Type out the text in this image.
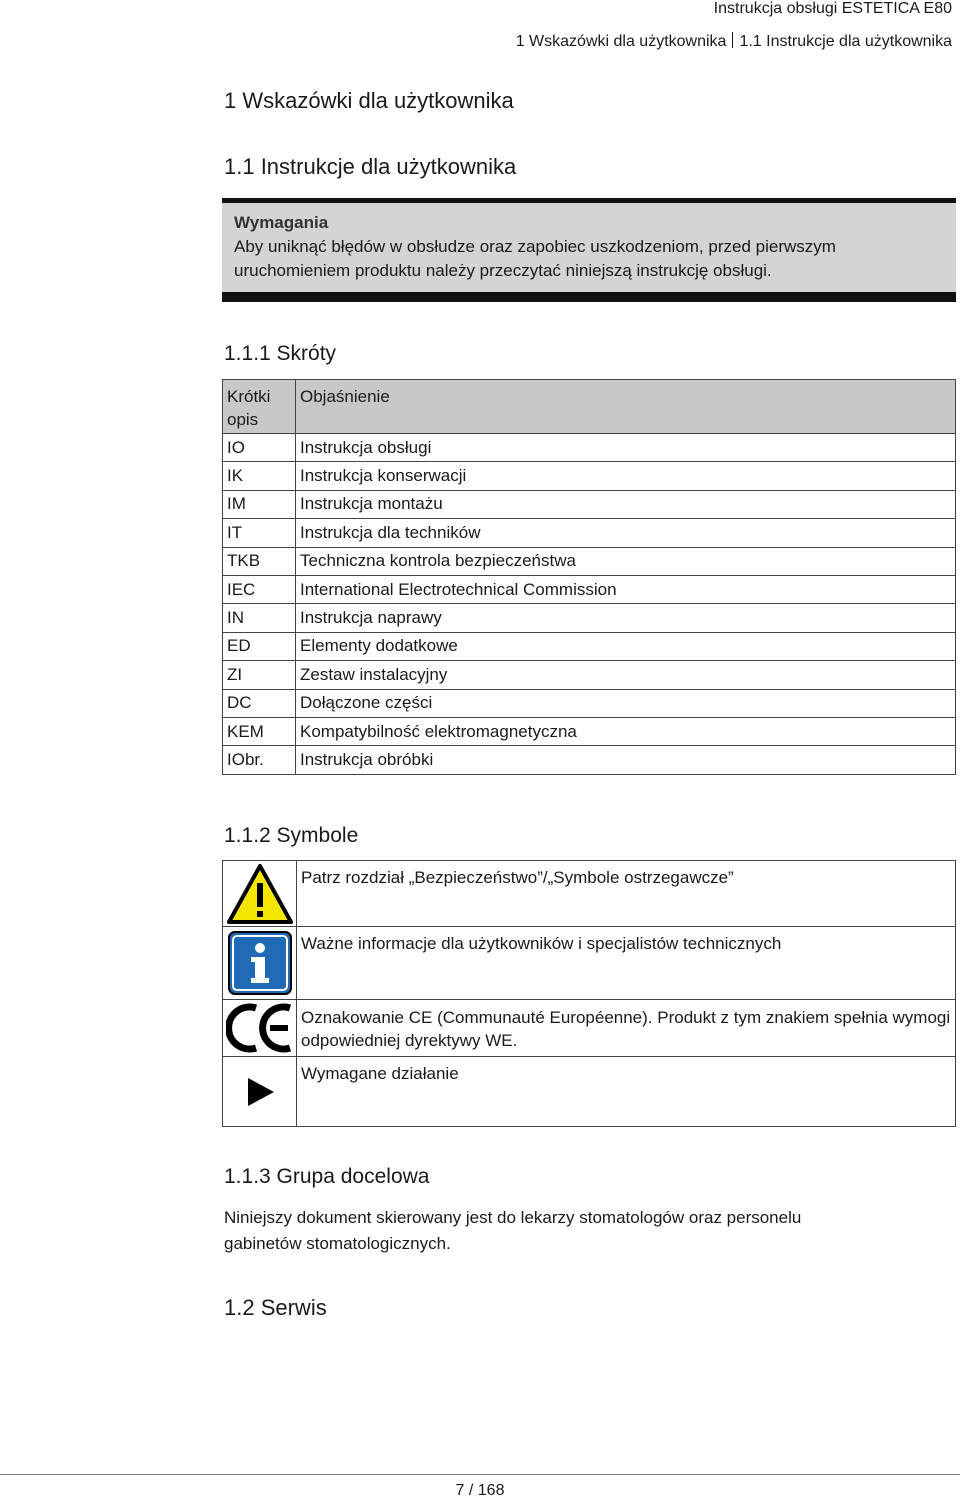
Instrukcja obsługi ESTETICA E80
1 Wskazówki dla użytkownika 1.1 Instrukcje dla użytkownika
1 Wskazówki dla użytkownika
1.1 Instrukcje dla użytkownika
Wymagania
Aby uniknąć błędów w obsłudze oraz zapobiec uszkodzeniom, przed pierwszym uruchomieniem produktu należy przeczytać niniejszą instrukcję obsługi.
1.1.1 Skróty
Krótki opis	Objaśnienie
IO	Instrukcja obsługi
IK	Instrukcja konserwacji
IM	Instrukcja montażu
IT	Instrukcja dla techników
TKB	Techniczna kontrola bezpieczeństwa
IEC	International Electrotechnical Commission
IN	Instrukcja naprawy
ED	Elementy dodatkowe
ZI	Zestaw instalacyjny
DC	Dołączone części
KEM	Kompatybilność elektromagnetyczna
IObr.	Instrukcja obróbki
1.1.2 Symbole
	Patrz rozdział „Bezpieczeństwo”/„Symbole ostrzegawcze”

	Ważne informacje dla użytkowników i specjalistów technicznych

	Oznakowanie CE (Communauté Européenne). Produkt z tym znakiem spełnia wymogi odpowiedniej dyrektywy WE.

	Wymagane działanie
1.1.3 Grupa docelowa
Niniejszy dokument skierowany jest do lekarzy stomatologów oraz personelu gabinetów stomatologicznych.
1.2 Serwis
7 / 168
